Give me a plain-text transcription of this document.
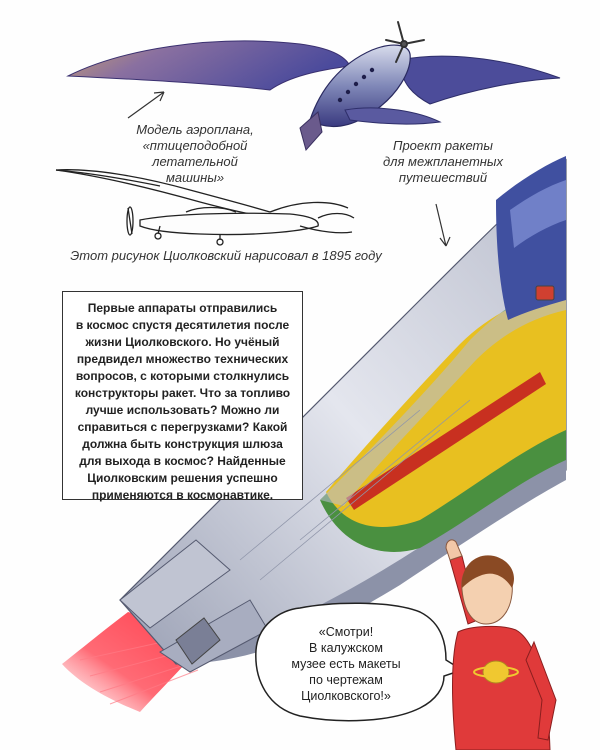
Модель аэроплана,
«птицеподобной летательной
машины»

Проект ракеты
для межпланетных
путешествий

Этот рисунок Циолковский нарисовал в 1895 году

Первые аппараты отправились
в космос спустя десятилетия после
жизни Циолковского. Но учёный
предвидел множество технических
вопросов, с которыми столкнулись
конструкторы ракет. Что за топливо
лучше использовать? Можно ли
справиться с перегрузками? Какой
должна быть конструкция шлюза
для выхода в космос? Найденные
Циолковским решения успешно
применяются в космонавтике.

«Смотри!
В калужском
музее есть макеты
по чертежам
Циолковского!»
